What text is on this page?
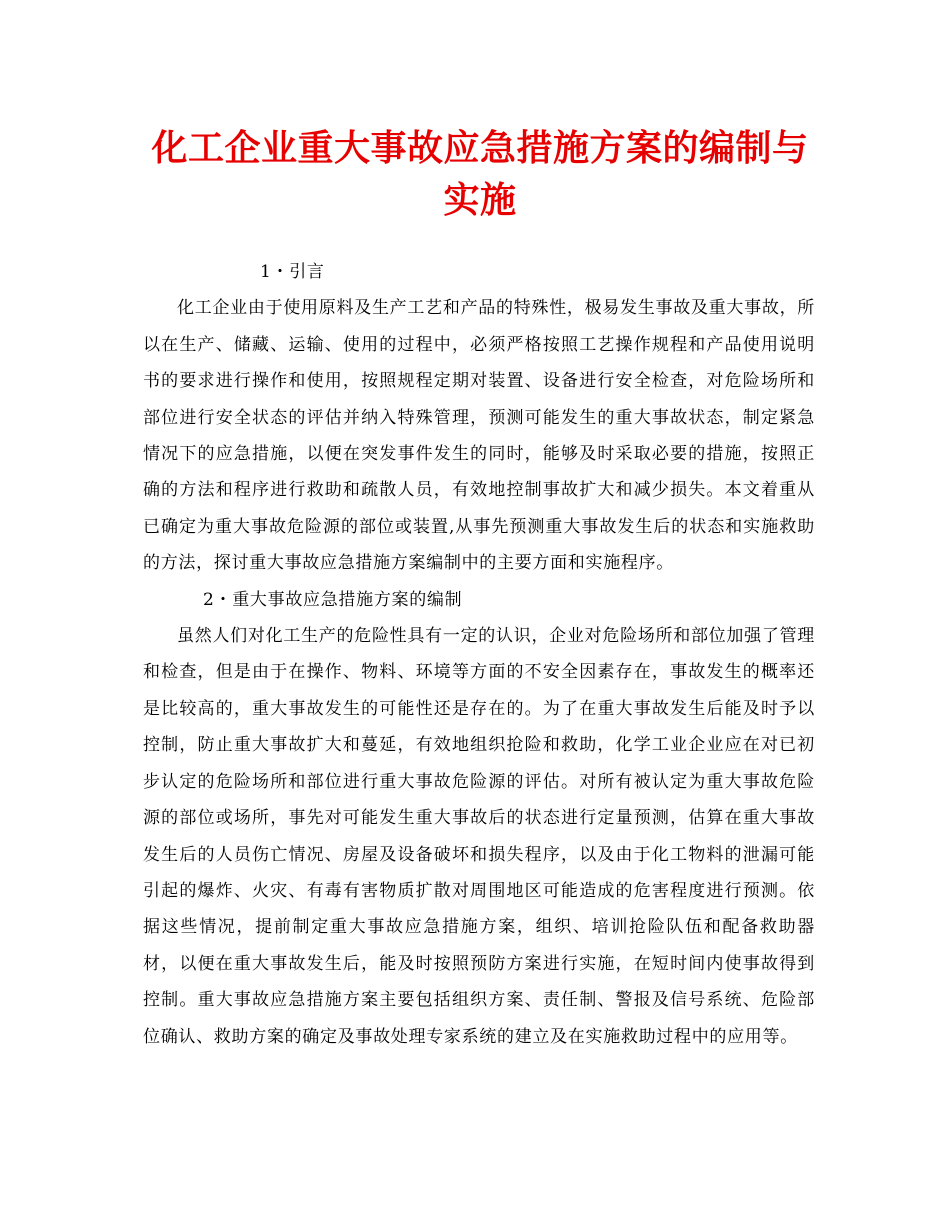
化工企业重大事故应急措施方案的编制与实施

1・引言

化工企业由于使用原料及生产工艺和产品的特殊性，极易发生事故及重大事故，所以在生产、储藏、运输、使用的过程中，必须严格按照工艺操作规程和产品使用说明书的要求进行操作和使用，按照规程定期对装置、设备进行安全检查，对危险场所和部位进行安全状态的评估并纳入特殊管理，预测可能发生的重大事故状态，制定紧急情况下的应急措施，以便在突发事件发生的同时，能够及时采取必要的措施，按照正确的方法和程序进行救助和疏散人员，有效地控制事故扩大和减少损失。本文着重从已确定为重大事故危险源的部位或装置,从事先预测重大事故发生后的状态和实施救助的方法，探讨重大事故应急措施方案编制中的主要方面和实施程序。

2・重大事故应急措施方案的编制

虽然人们对化工生产的危险性具有一定的认识，企业对危险场所和部位加强了管理和检查，但是由于在操作、物料、环境等方面的不安全因素存在，事故发生的概率还是比较高的，重大事故发生的可能性还是存在的。为了在重大事故发生后能及时予以控制，防止重大事故扩大和蔓延，有效地组织抢险和救助，化学工业企业应在对已初步认定的危险场所和部位进行重大事故危险源的评估。对所有被认定为重大事故危险源的部位或场所，事先对可能发生重大事故后的状态进行定量预测，估算在重大事故发生后的人员伤亡情况、房屋及设备破坏和损失程序，以及由于化工物料的泄漏可能引起的爆炸、火灾、有毒有害物质扩散对周围地区可能造成的危害程度进行预测。依据这些情况，提前制定重大事故应急措施方案，组织、培训抢险队伍和配备救助器材，以便在重大事故发生后，能及时按照预防方案进行实施，在短时间内使事故得到控制。重大事故应急措施方案主要包括组织方案、责任制、警报及信号系统、危险部位确认、救助方案的确定及事故处理专家系统的建立及在实施救助过程中的应用等。
